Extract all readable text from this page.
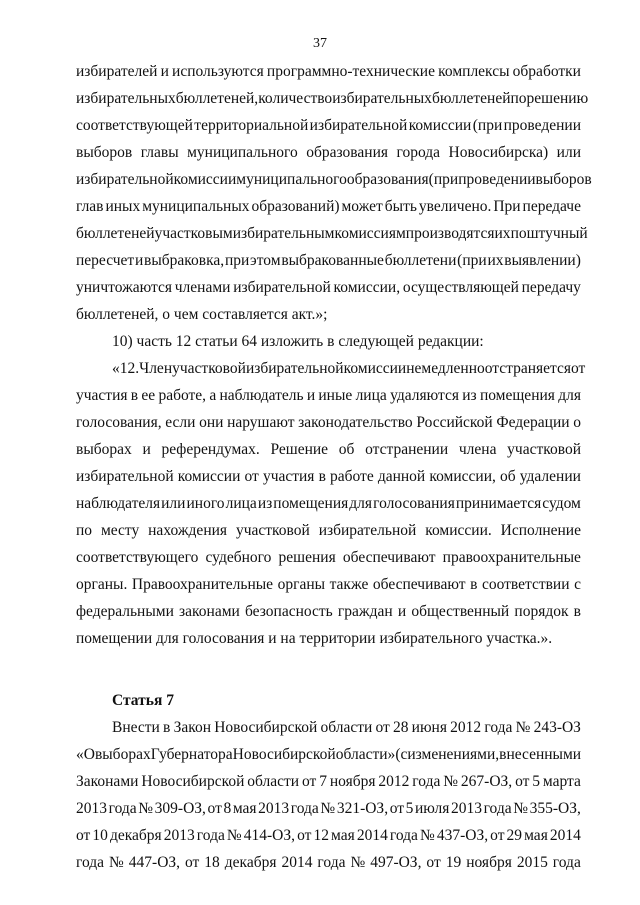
37
избирателей и используются программно-технические комплексы обработки
избирательных бюллетеней, количество избирательных бюллетеней по решению
соответствующей территориальной избирательной комиссии (при проведении
выборов главы муниципального образования города Новосибирска) или
избирательной комиссии муниципального образования (при проведении выборов
глав иных муниципальных образований) может быть увеличено. При передаче
бюллетеней участковым избирательным комиссиям производятся их поштучный
пересчет и выбраковка, при этом выбракованные бюллетени (при их выявлении)
уничтожаются членами избирательной комиссии, осуществляющей передачу
бюллетеней, о чем составляется акт.»;
10) часть 12 статьи 64 изложить в следующей редакции:
«12. Член участковой избирательной комиссии немедленно отстраняется от
участия в ее работе, а наблюдатель и иные лица удаляются из помещения для
голосования, если они нарушают законодательство Российской Федерации о
выборах и референдумах. Решение об отстранении члена участковой
избирательной комиссии от участия в работе данной комиссии, об удалении
наблюдателя или иного лица из помещения для голосования принимается судом
по месту нахождения участковой избирательной комиссии. Исполнение
соответствующего судебного решения обеспечивают правоохранительные
органы. Правоохранительные органы также обеспечивают в соответствии с
федеральными законами безопасность граждан и общественный порядок в
помещении для голосования и на территории избирательного участка.».
Статья 7
Внести в Закон Новосибирской области от 28 июня 2012 года № 243-ОЗ
«О выборах Губернатора Новосибирской области» (с изменениями, внесенными
Законами Новосибирской области от 7 ноября 2012 года № 267-ОЗ, от 5 марта
2013 года № 309-ОЗ, от 8 мая 2013 года № 321-ОЗ, от 5 июля 2013 года № 355-ОЗ,
от 10 декабря 2013 года № 414-ОЗ, от 12 мая 2014 года № 437-ОЗ, от 29 мая 2014
года № 447-ОЗ, от 18 декабря 2014 года № 497-ОЗ, от 19 ноября 2015 года
